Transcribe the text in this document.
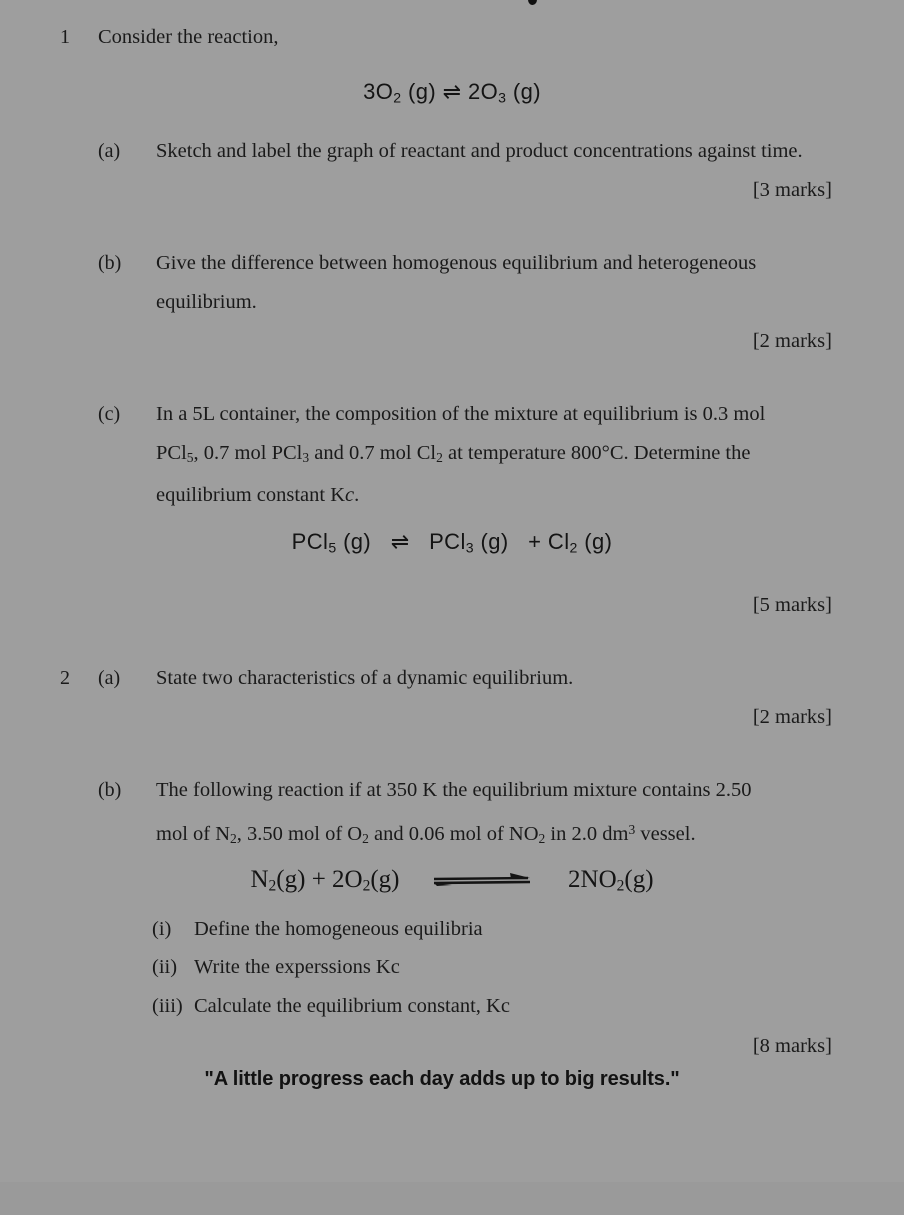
1	Consider the reaction,
$3O_2$ (g) ⇌ $2O_3$ (g)
(a)	Sketch and label the graph of reactant and product concentrations against time.
[3 marks]
(b)	Give the difference between homogenous equilibrium and heterogeneous equilibrium.
[2 marks]
(c)	In a 5L container, the composition of the mixture at equilibrium is 0.3 mol
PCl$_5$, 0.7 mol PCl$_3$ and 0.7 mol $Cl_2$ at temperature 800°C. Determine the
equilibrium constant Kc.
PCl$_5$ (g) ⇌ PCl$_3$ $(g) + Cl_2$ (g)
[5 marks]
2	(a)	State two characteristics of a dynamic equilibrium.
[2 marks]
(b)	The following reaction if at 350 K the equilibrium mixture contains 2.50
mol of $N_2$, 3.50 mol of $O_2$ and 0.06 mol of $NO_2$ in 2.0 $dm^3$ vessel.
$N_2(g) + 2O_2(g)$	$2NO_2(g)$
(i)	Define the homogeneous equilibria
(ii) Write the experssions Kc
(iii) Calculate the equilibrium constant, Kc
[8 marks]
"A little progress each day adds up to big results."
